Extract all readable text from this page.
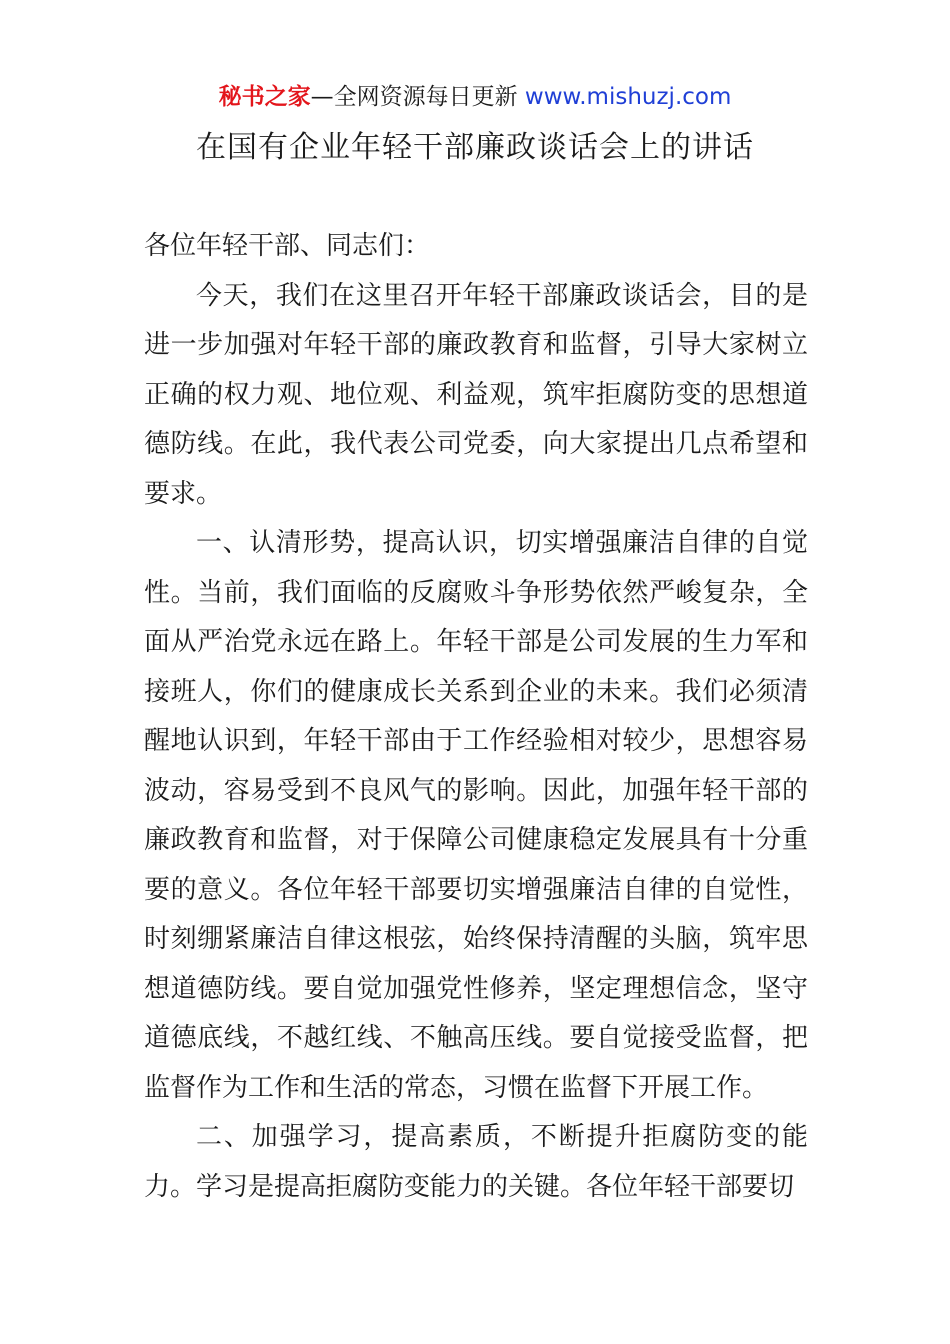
秘书之家—全网资源每日更新 www.mishuzj.com
在国有企业年轻干部廉政谈话会上的讲话

各位年轻干部、同志们：

今天，我们在这里召开年轻干部廉政谈话会，目的是进一步加强对年轻干部的廉政教育和监督，引导大家树立正确的权力观、地位观、利益观，筑牢拒腐防变的思想道德防线。在此，我代表公司党委，向大家提出几点希望和要求。

一、认清形势，提高认识，切实增强廉洁自律的自觉性。当前，我们面临的反腐败斗争形势依然严峻复杂，全面从严治党永远在路上。年轻干部是公司发展的生力军和接班人，你们的健康成长关系到企业的未来。我们必须清醒地认识到，年轻干部由于工作经验相对较少，思想容易波动，容易受到不良风气的影响。因此，加强年轻干部的廉政教育和监督，对于保障公司健康稳定发展具有十分重要的意义。各位年轻干部要切实增强廉洁自律的自觉性，时刻绷紧廉洁自律这根弦，始终保持清醒的头脑，筑牢思想道德防线。要自觉加强党性修养，坚定理想信念，坚守道德底线，不越红线、不触高压线。要自觉接受监督，把监督作为工作和生活的常态，习惯在监督下开展工作。

二、加强学习，提高素质，不断提升拒腐防变的能力。学习是提高拒腐防变能力的关键。各位年轻干部要切
